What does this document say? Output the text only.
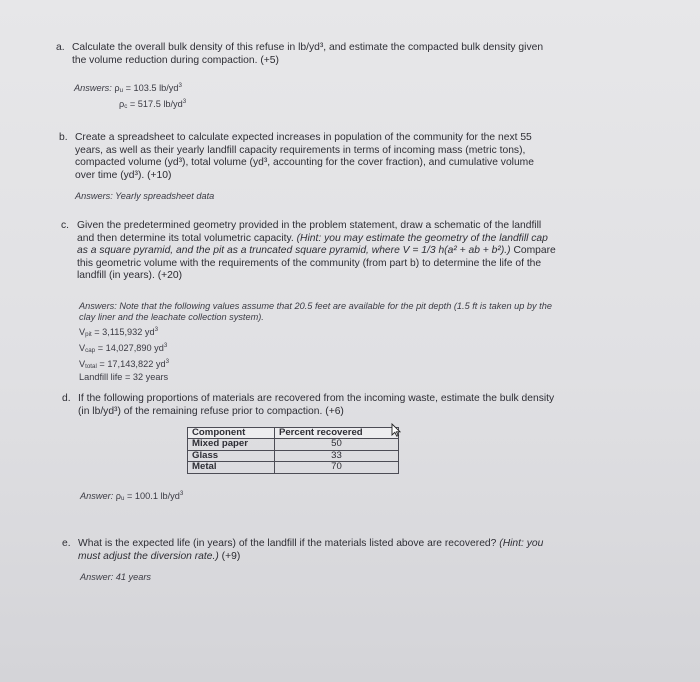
a. Calculate the overall bulk density of this refuse in lb/yd³, and estimate the compacted bulk density given
the volume reduction during compaction. (+5)
Answers: ρu = 103.5 $lb/yd^3$
ρc = 517.5 $lb/yd^3$
b. Create a spreadsheet to calculate expected increases in population of the community for the next 55
years, as well as their yearly landfill capacity requirements in terms of incoming mass (metric tons),
compacted volume (yd³), total volume (yd³, accounting for the cover fraction), and cumulative volume
over time (yd³). (+10)
Answers: Yearly spreadsheet data
c. Given the predetermined geometry provided in the problem statement, draw a schematic of the landfill
and then determine its total volumetric capacity. (Hint: you may estimate the geometry of the landfill cap
as a square pyramid, and the pit as a truncated square pyramid, where V = 1/3 h(a² + ab + b²).) Compare
this geometric volume with the requirements of the community (from part b) to determine the life of the
landfill (in years). (+20)
Answers: Note that the following values assume that 20.5 feet are available for the pit depth (1.5 ft is taken up by the
clay liner and the leachate collection system).
Vpit = 3,115,932 $yd^3$
Vcap = 14,027,890 $yd^3$
Vtotal = 17,143,822 $yd^3$
Landfill life = 32 years
d. If the following proportions of materials are recovered from the incoming waste, estimate the bulk density
(in lb/yd³) of the remaining refuse prior to compaction. (+6)
Component	Percent recovered
Mixed paper	50
Glass	33
Metal	70
Answer: ρu = 100.1 $lb/yd^3$
e. What is the expected life (in years) of the landfill if the materials listed above are recovered? (Hint: you
must adjust the diversion rate.) (+9)
Answer: 41 years
